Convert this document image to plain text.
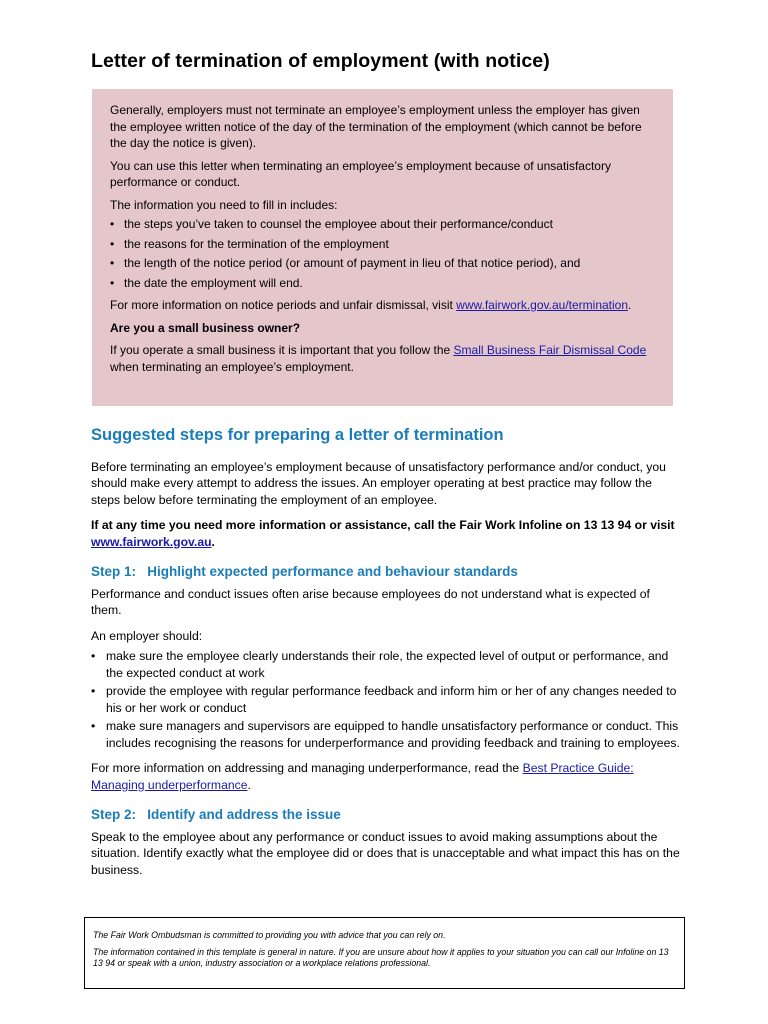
Letter of termination of employment (with notice)

Generally, employers must not terminate an employee’s employment unless the employer has given the employee written notice of the day of the termination of the employment (which cannot be before the day the notice is given).

You can use this letter when terminating an employee’s employment because of unsatisfactory performance or conduct.

The information you need to fill in includes:

• the steps you’ve taken to counsel the employee about their performance/conduct
• the reasons for the termination of the employment
• the length of the notice period (or amount of payment in lieu of that notice period), and
• the date the employment will end.

For more information on notice periods and unfair dismissal, visit www.fairwork.gov.au/termination.

Are you a small business owner?

If you operate a small business it is important that you follow the Small Business Fair Dismissal Code when terminating an employee’s employment.

Suggested steps for preparing a letter of termination

Before terminating an employee’s employment because of unsatisfactory performance and/or conduct, you should make every attempt to address the issues. An employer operating at best practice may follow the steps below before terminating the employment of an employee.

If at any time you need more information or assistance, call the Fair Work Infoline on 13 13 94 or visit www.fairwork.gov.au.

Step 1:   Highlight expected performance and behaviour standards

Performance and conduct issues often arise because employees do not understand what is expected of them.

An employer should:

• make sure the employee clearly understands their role, the expected level of output or performance, and the expected conduct at work
• provide the employee with regular performance feedback and inform him or her of any changes needed to his or her work or conduct
• make sure managers and supervisors are equipped to handle unsatisfactory performance or conduct. This includes recognising the reasons for underperformance and providing feedback and training to employees.

For more information on addressing and managing underperformance, read the Best Practice Guide: Managing underperformance.

Step 2:   Identify and address the issue

Speak to the employee about any performance or conduct issues to avoid making assumptions about the situation. Identify exactly what the employee did or does that is unacceptable and what impact this has on the business.

The Fair Work Ombudsman is committed to providing you with advice that you can rely on.

The information contained in this template is general in nature. If you are unsure about how it applies to your situation you can call our Infoline on 13 13 94 or speak with a union, industry association or a workplace relations professional.
